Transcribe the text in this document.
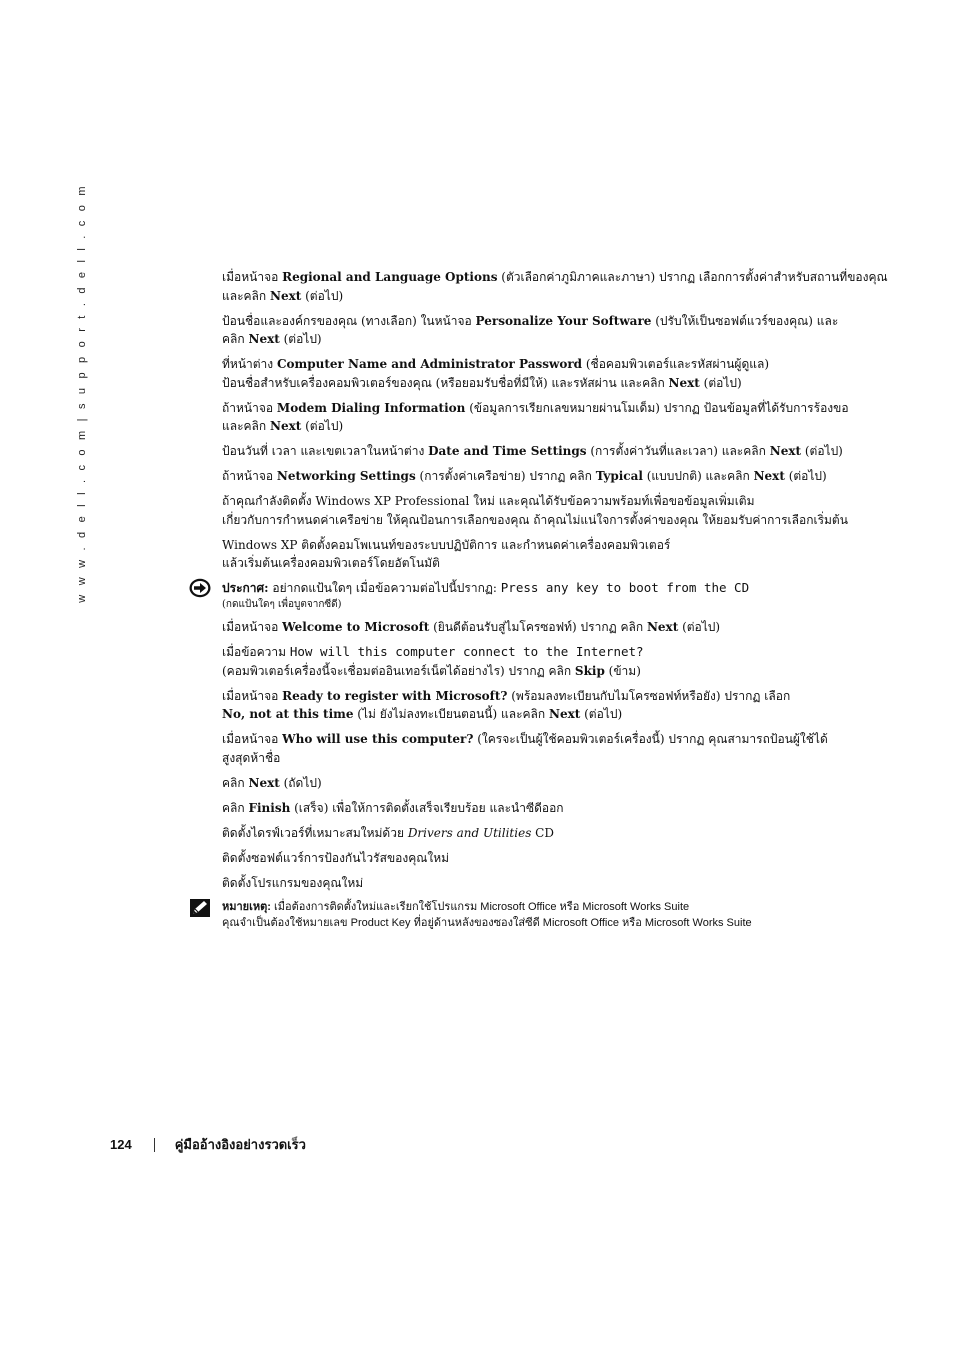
w w w . d e l l . c o m | s u p p o r t . d e l l . c o m	เมื่อหน้าจอ Regional and Language Options (ตัวเลือกค่าภูมิภาคและภาษา) ปรากฏ เลือกการตั้งค่าสำหรับสถานที่ของคุณ
และคลิก Next (ต่อไป)
ป้อนชื่อและองค์กรของคุณ (ทางเลือก) ในหน้าจอ Personalize Your Software (ปรับให้เป็นซอฟต์แวร์ของคุณ) และ
คลิก Next (ต่อไป)
ที่หน้าต่าง Computer Name and Administrator Password (ชื่อคอมพิวเตอร์และรหัสผ่านผู้ดูแล)
ป้อนชื่อสำหรับเครื่องคอมพิวเตอร์ของคุณ (หรือยอมรับชื่อที่มีให้) และรหัสผ่าน และคลิก Next (ต่อไป)
ถ้าหน้าจอ Modem Dialing Information (ข้อมูลการเรียกเลขหมายผ่านโมเด็ม) ปรากฏ ป้อนข้อมูลที่ได้รับการร้องขอ
และคลิก Next (ต่อไป)
ป้อนวันที่ เวลา และเขตเวลาในหน้าต่าง Date and Time Settings (การตั้งค่าวันที่และเวลา) และคลิก Next (ต่อไป)
ถ้าหน้าจอ Networking Settings (การตั้งค่าเครือข่าย) ปรากฏ คลิก Typical (แบบปกติ) และคลิก Next (ต่อไป)
ถ้าคุณกำลังติดตั้ง Windows XP Professional ใหม่ และคุณได้รับข้อความพร้อมท์เพื่อขอข้อมูลเพิ่มเติม
เกี่ยวกับการกำหนดค่าเครือข่าย ให้คุณป้อนการเลือกของคุณ ถ้าคุณไม่แน่ใจการตั้งค่าของคุณ ให้ยอมรับค่าการเลือกเริ่มต้น
Windows XP ติดตั้งคอมโพเนนท์ของระบบปฏิบัติการ และกำหนดค่าเครื่องคอมพิวเตอร์
แล้วเริ่มต้นเครื่องคอมพิวเตอร์โดยอัตโนมัติ
ประกาศ: อย่ากดแป้นใดๆ เมื่อข้อความต่อไปนี้ปรากฏ: Press any key to boot from the CD
(กดแป้นใดๆ เพื่อบูตจากซีดี)
เมื่อหน้าจอ Welcome to Microsoft (ยินดีต้อนรับสู่ไมโครซอฟท์) ปรากฏ คลิก Next (ต่อไป)
เมื่อข้อความ How will this computer connect to the Internet?
(คอมพิวเตอร์เครื่องนี้จะเชื่อมต่ออินเทอร์เน็ตได้อย่างไร) ปรากฏ คลิก Skip (ข้าม)
เมื่อหน้าจอ Ready to register with Microsoft? (พร้อมลงทะเบียนกับไมโครซอฟท์หรือยัง) ปรากฏ เลือก
No, not at this time (ไม่ ยังไม่ลงทะเบียนตอนนี้) และคลิก Next (ต่อไป)
เมื่อหน้าจอ Who will use this computer? (ใครจะเป็นผู้ใช้คอมพิวเตอร์เครื่องนี้) ปรากฏ คุณสามารถป้อนผู้ใช้ได้
สูงสุดห้าชื่อ
คลิก Next (ถัดไป)
คลิก Finish (เสร็จ) เพื่อให้การติดตั้งเสร็จเรียบร้อย และนำซีดีออก
ติดตั้งไดรฟ์เวอร์ที่เหมาะสมใหม่ด้วย Drivers and Utilities CD
ติดตั้งซอฟต์แวร์การป้องกันไวรัสของคุณใหม่
ติดตั้งโปรแกรมของคุณใหม่
หมายเหตุ: เมื่อต้องการติดตั้งใหม่และเรียกใช้โปรแกรม Microsoft Office หรือ Microsoft Works Suite
คุณจำเป็นต้องใช้หมายเลข Product Key ที่อยู่ด้านหลังของซองใส่ซีดี Microsoft Office หรือ Microsoft Works Suite
124	คู่มืออ้างอิงอย่างรวดเร็ว
